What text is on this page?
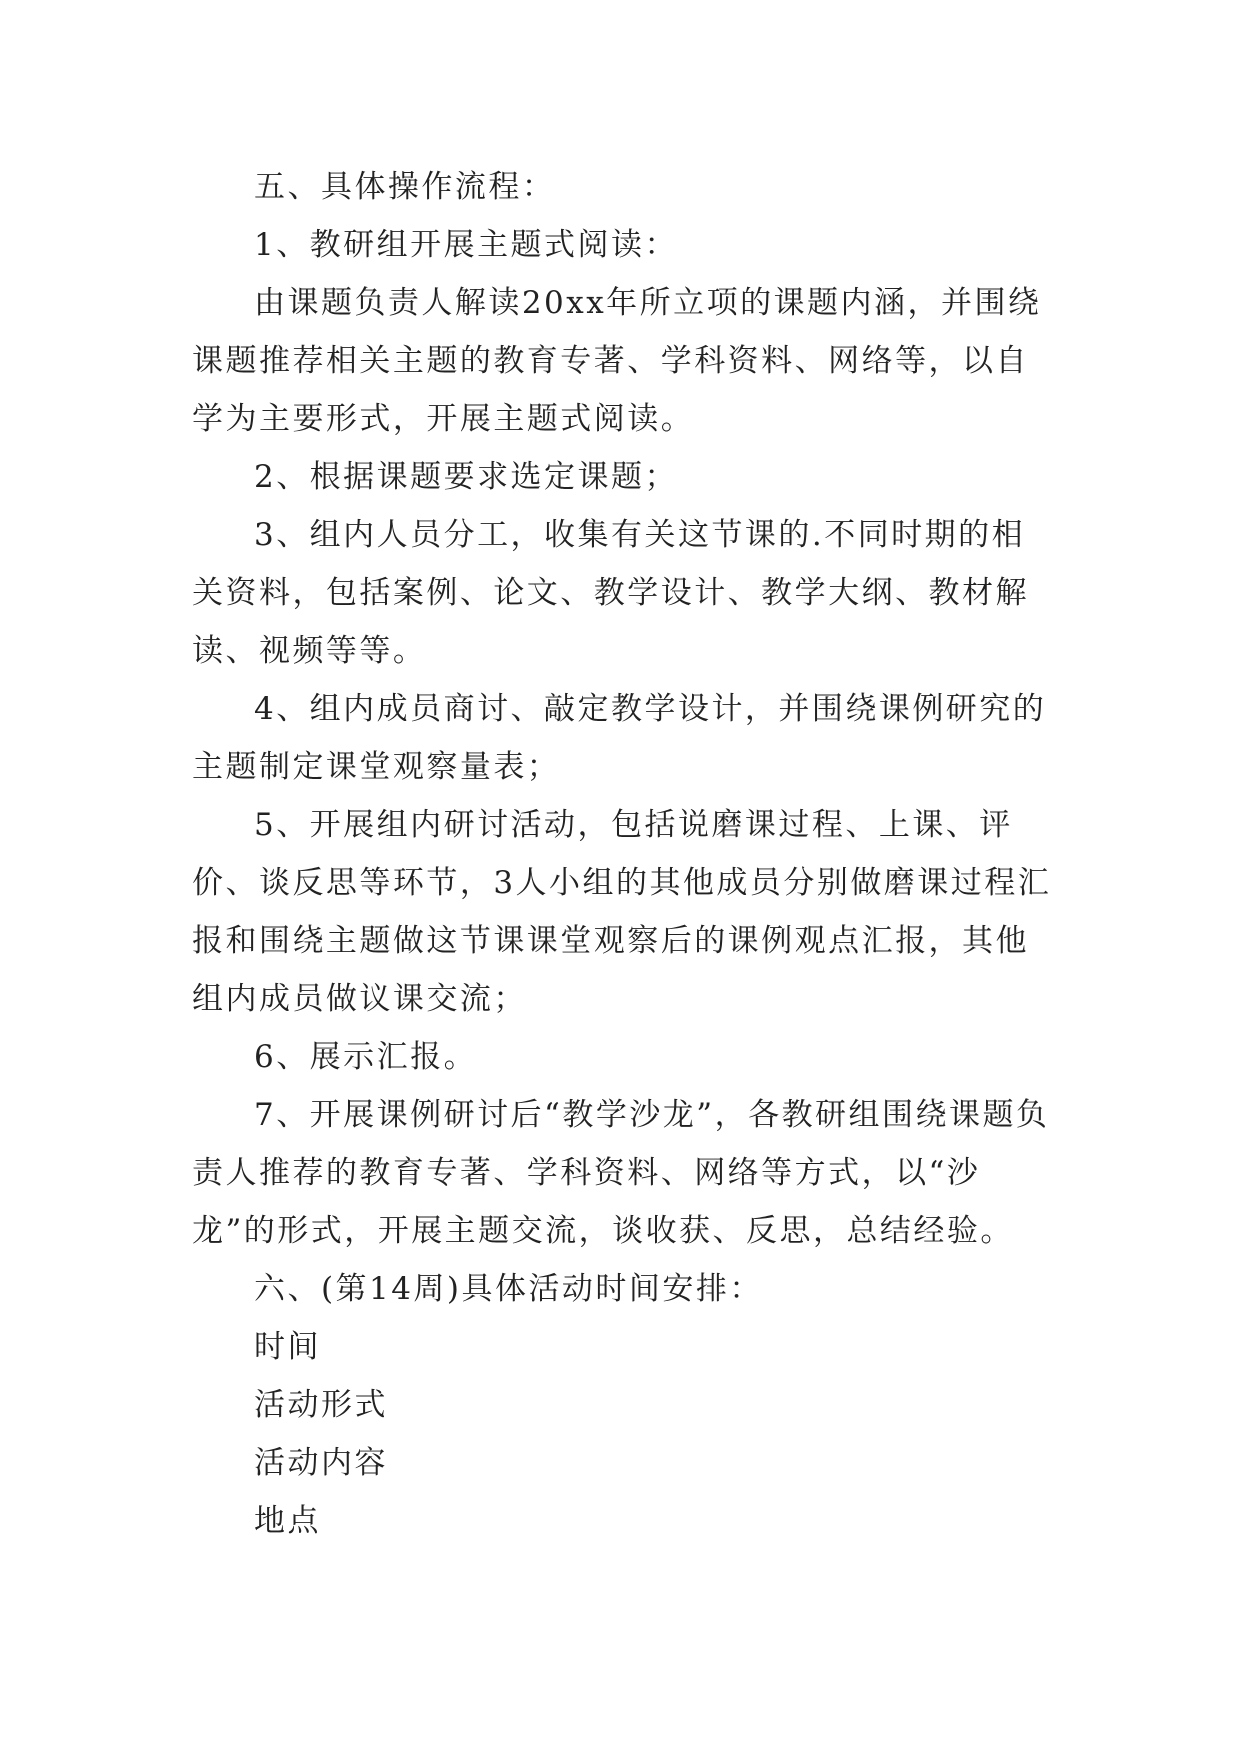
五、具体操作流程：

1、教研组开展主题式阅读：

由课题负责人解读20xx年所立项的课题内涵，并围绕课题推荐相关主题的教育专著、学科资料、网络等，以自学为主要形式，开展主题式阅读。

2、根据课题要求选定课题；

3、组内人员分工，收集有关这节课的.不同时期的相关资料，包括案例、论文、教学设计、教学大纲、教材解读、视频等等。

4、组内成员商讨、敲定教学设计，并围绕课例研究的主题制定课堂观察量表；

5、开展组内研讨活动，包括说磨课过程、上课、评价、谈反思等环节，3人小组的其他成员分别做磨课过程汇报和围绕主题做这节课课堂观察后的课例观点汇报，其他组内成员做议课交流；

6、展示汇报。

7、开展课例研讨后“教学沙龙”，各教研组围绕课题负责人推荐的教育专著、学科资料、网络等方式，以“沙龙”的形式，开展主题交流，谈收获、反思，总结经验。

六、(第14周)具体活动时间安排：

时间

活动形式

活动内容

地点
